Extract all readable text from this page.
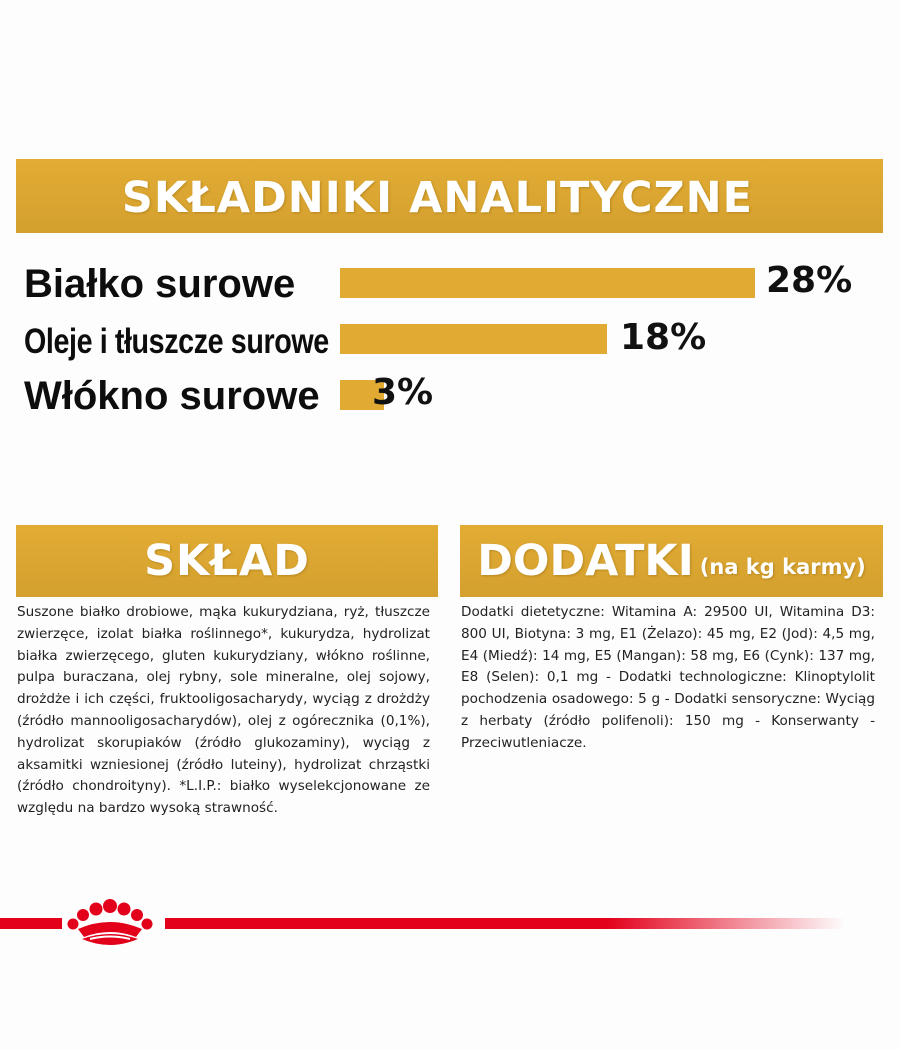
SKŁADNIKI ANALITYCZNE
Białko surowe	28%
Oleje i tłuszcze surowe	18%
Włókno surowe 3%
SKŁAD
Suszone białko drobiowe, mąka kukurydziana, ryż, tłuszcze zwierzęce, izolat białka roślinnego*, kukurydza, hydrolizat białka zwierzęcego, gluten kukurydziany, włókno roślinne, pulpa buraczana, olej rybny, sole mineralne, olej sojowy, drożdże i ich części, fruktooligosacharydy, wyciąg z drożdży (źródło mannooligosacharydów), olej z ogórecznika (0,1%), hydrolizat skorupiaków (źródło glukozaminy), wyciąg z aksamitki wzniesionej (źródło luteiny), hydrolizat chrząstki (źródło chondroityny). *L.I.P.: białko wyselekcjonowane ze względu na bardzo wysoką strawność.
DODATKI (na kg karmy)
Dodatki dietetyczne: Witamina A: 29500 UI, Witamina D3: 800 UI, Biotyna: 3 mg, E1 (Żelazo): 45 mg, E2 (Jod): 4,5 mg, E4 (Miedź): 14 mg, E5 (Mangan): 58 mg, E6 (Cynk): 137 mg, E8 (Selen): 0,1 mg - Dodatki technologiczne: Klinoptylolit pochodzenia osadowego: 5 g - Dodatki sensoryczne: Wyciąg z herbaty (źródło polifenoli): 150 mg - Konserwanty - Przeciwutleniacze.
